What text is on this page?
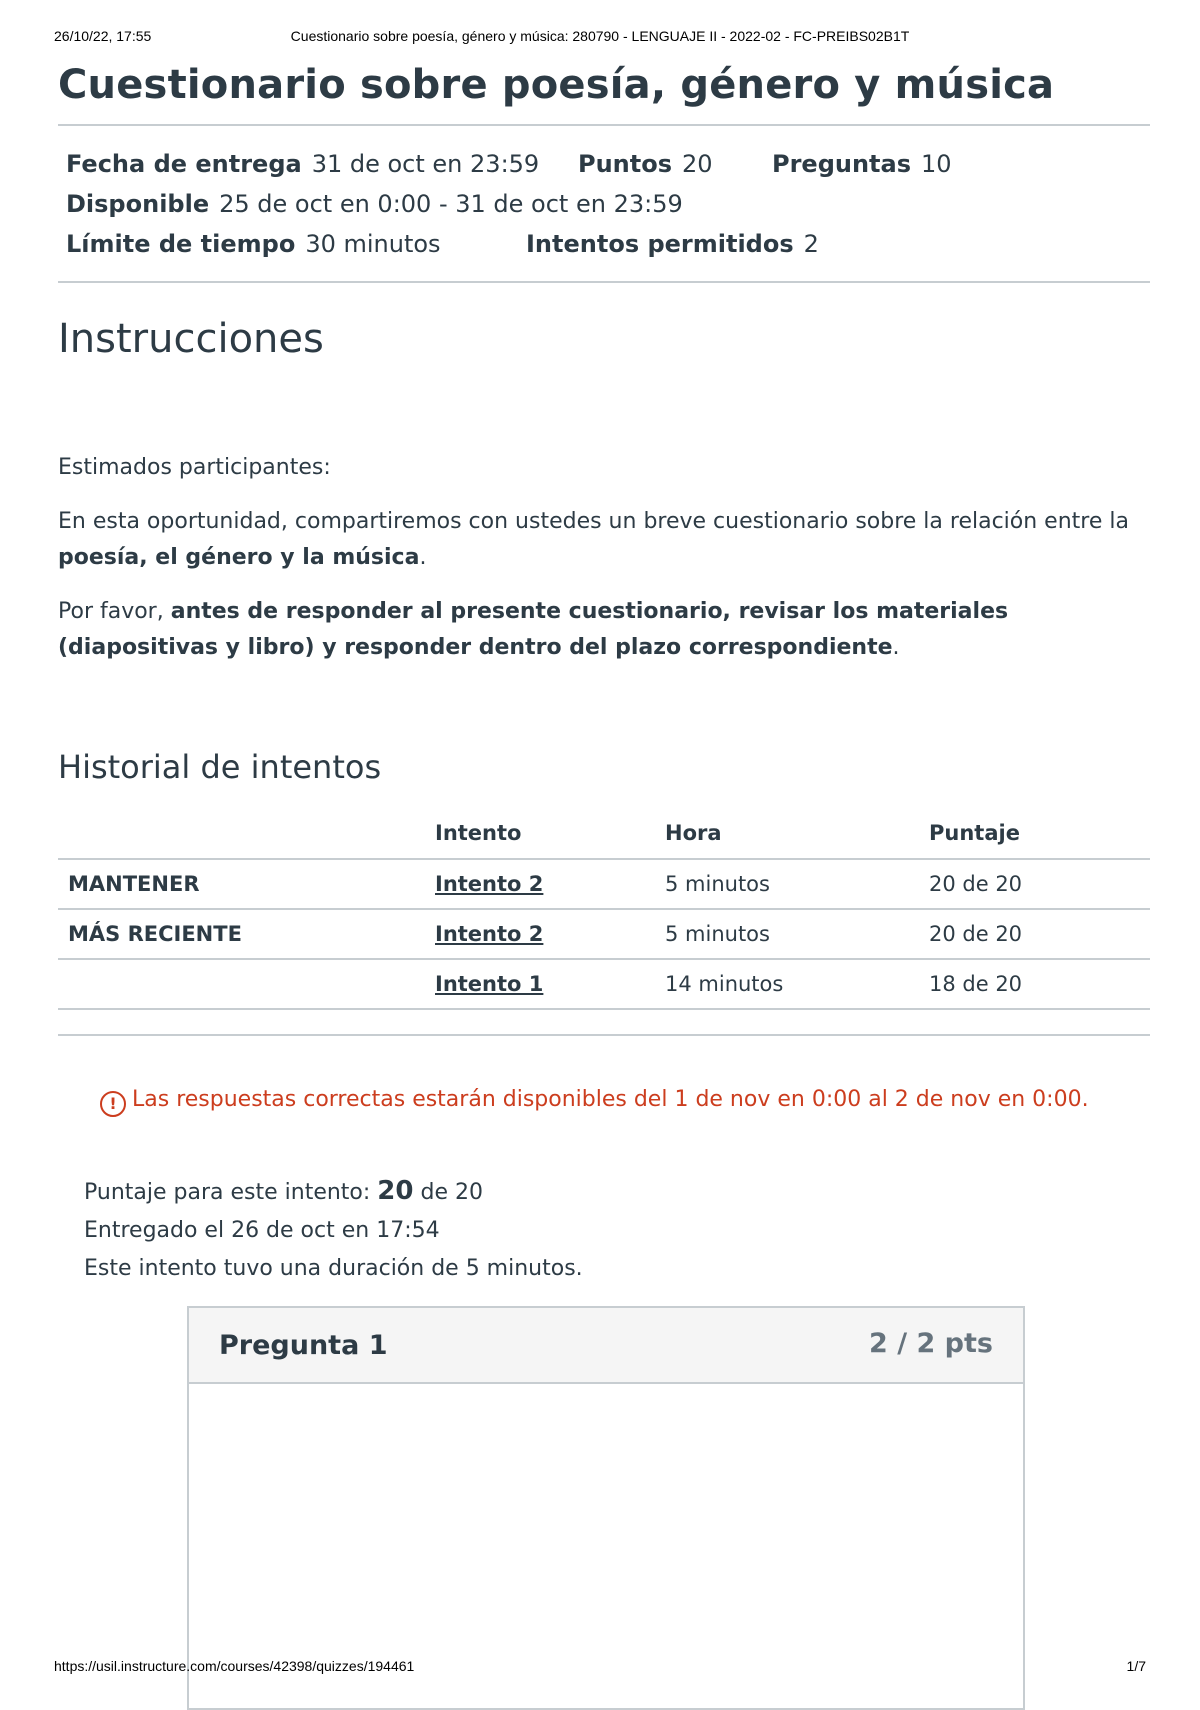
26/10/22, 17:55	Cuestionario sobre poesía, género y música: 280790 - LENGUAJE II - 2022-02 - FC-PREIBS02B1T
Cuestionario sobre poesía, género y música
Fecha de entrega 31 de oct en 23:59 Puntos 20 Preguntas 10
Disponible 25 de oct en 0:00 - 31 de oct en 23:59
Límite de tiempo 30 minutos	Intentos permitidos 2
Instrucciones

Estimados participantes:

En esta oportunidad, compartiremos con ustedes un breve cuestionario sobre la relación entre la poesía, el género y la música.

Por favor, antes de responder al presente cuestionario, revisar los materiales (diapositivas y libro) y responder dentro del plazo correspondiente.

Historial de intentos
	Intento	Hora	Puntaje
MANTENER	Intento 2	5 minutos	20 de 20
MÁS RECIENTE	Intento 2	5 minutos	20 de 20
	Intento 1	14 minutos	18 de 20
! Las respuestas correctas estarán disponibles del 1 de nov en 0:00 al 2 de nov en 0:00.
Puntaje para este intento: 20 de 20
Entregado el 26 de oct en 17:54
Este intento tuvo una duración de 5 minutos.
Pregunta 1	2 / 2 pts
https://usil.instructure.com/courses/42398/quizzes/194461	1/7
